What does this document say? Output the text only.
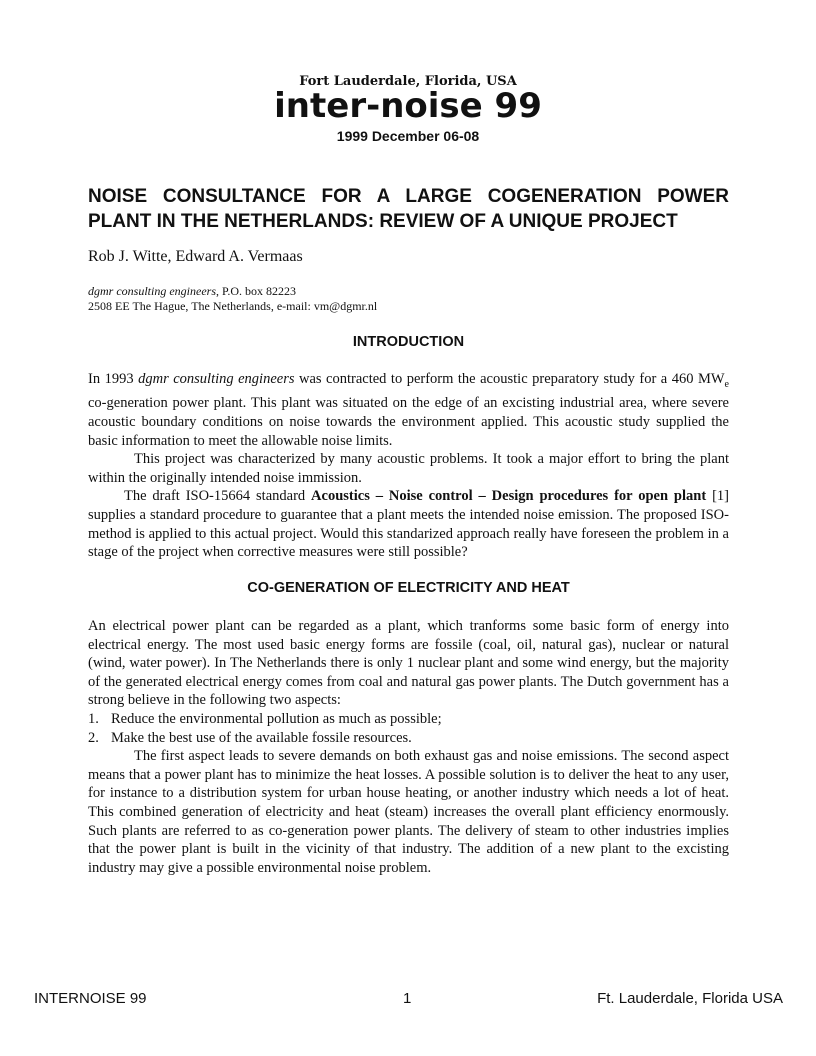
Fort Lauderdale, Florida, USA
inter-noise 99
1999 December 06-08
NOISE CONSULTANCE FOR A LARGE COGENERATION POWER PLANT IN THE NETHERLANDS: REVIEW OF A UNIQUE PROJECT
Rob J. Witte, Edward A. Vermaas
dgmr consulting engineers, P.O. box 82223
2508 EE The Hague, The Netherlands, e-mail: vm@dgmr.nl
INTRODUCTION

In 1993 dgmr consulting engineers was contracted to perform the acoustic preparatory study for a 460 $MW_e$ co-generation power plant. This plant was situated on the edge of an excisting industrial area, where severe acoustic boundary conditions on noise towards the environment applied. This acoustic study supplied the basic information to meet the allowable noise limits.

This project was characterized by many acoustic problems. It took a major effort to bring the plant within the originally intended noise immission.

The draft ISO-15664 standard Acoustics – Noise control – Design procedures for open plant [1] supplies a standard procedure to guarantee that a plant meets the intended noise emission. The proposed ISO-method is applied to this actual project. Would this standarized approach really have foreseen the problem in a stage of the project when corrective measures were still possible?

CO-GENERATION OF ELECTRICITY AND HEAT

An electrical power plant can be regarded as a plant, which tranforms some basic form of energy into electrical energy. The most used basic energy forms are fossile (coal, oil, natural gas), nuclear or natural (wind, water power). In The Netherlands there is only 1 nuclear plant and some wind energy, but the majority of the generated electrical energy comes from coal and natural gas power plants. The Dutch government has a strong believe in the following two aspects:

1. Reduce the environmental pollution as much as possible;
2. Make the best use of the available fossile resources.

The first aspect leads to severe demands on both exhaust gas and noise emissions. The second aspect means that a power plant has to minimize the heat losses. A possible solution is to deliver the heat to any user, for instance to a distribution system for urban house heating, or another industry which needs a lot of heat. This combined generation of electricity and heat (steam) increases the overall plant efficiency enormously. Such plants are referred to as co-generation power plants. The delivery of steam to other industries implies that the power plant is built in the vicinity of that industry. The addition of a new plant to the excisting industry may give a possible environmental noise problem.

INTERNOISE 99	1	Ft. Lauderdale, Florida USA
